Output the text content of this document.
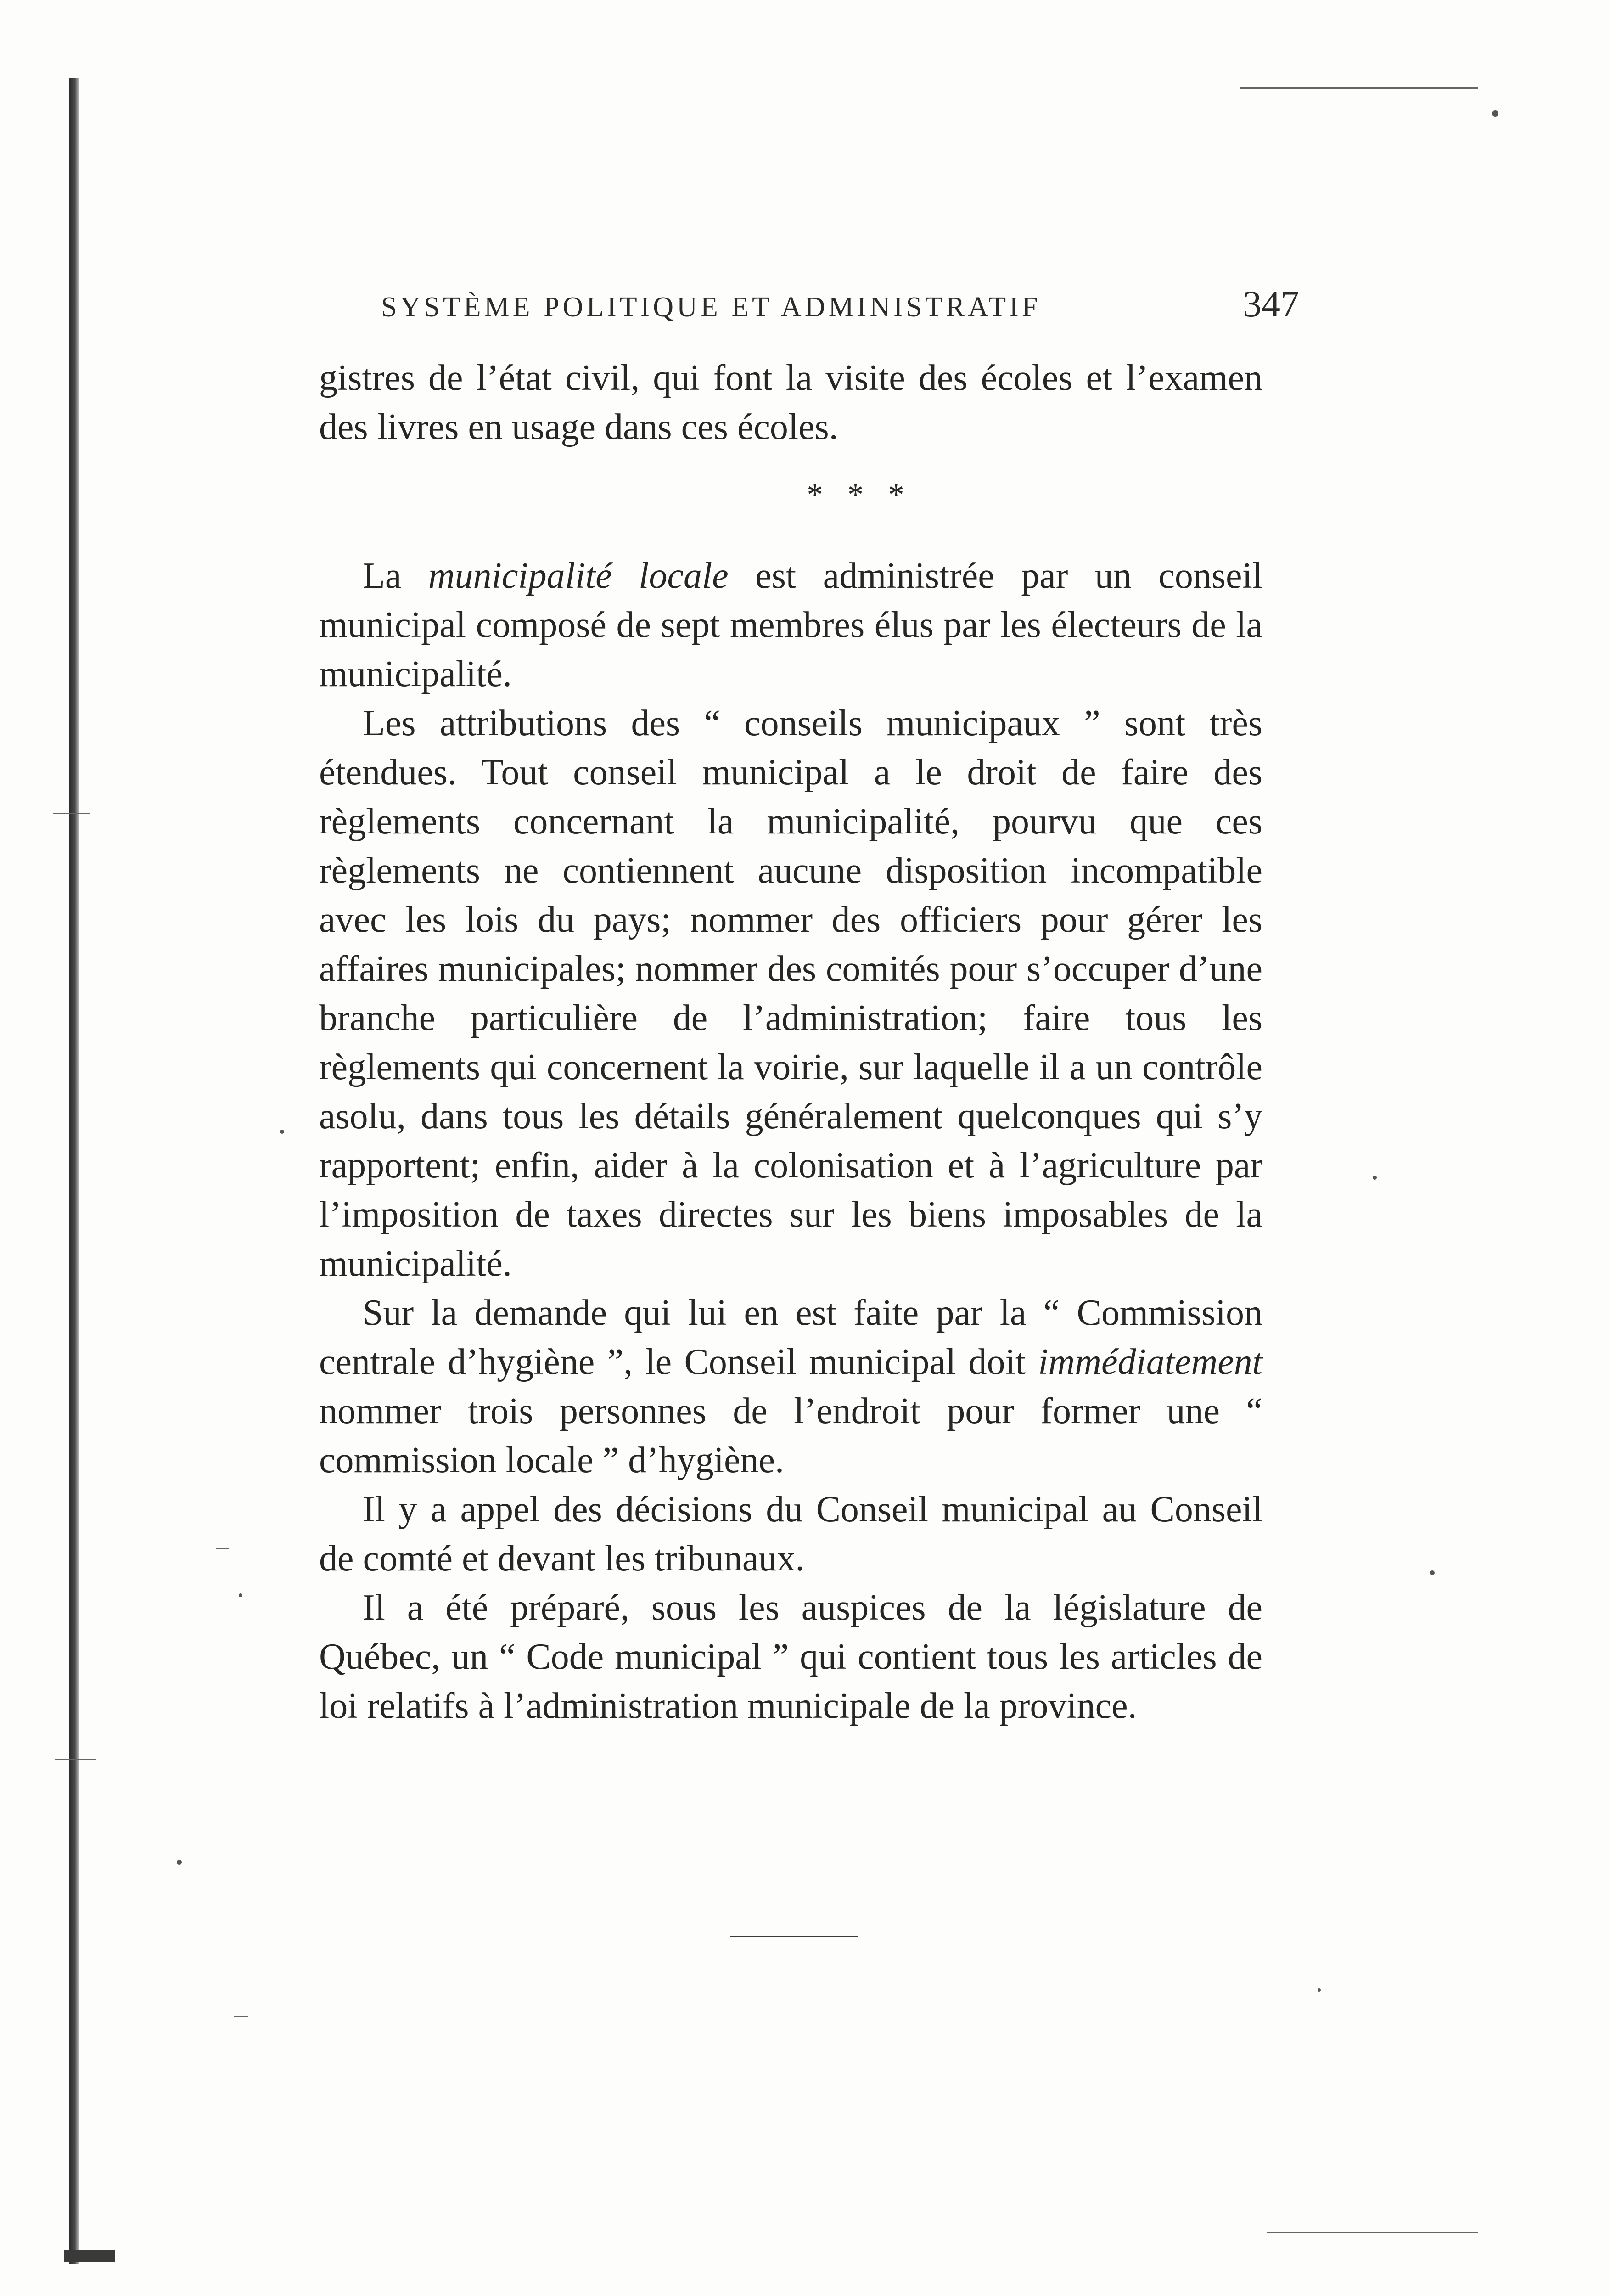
SYSTÈME POLITIQUE ET ADMINISTRATIF	347

gistres de l’état civil, qui font la visite des écoles et l’examen des livres en usage dans ces écoles.

* * *

La municipalité locale est administrée par un conseil municipal composé de sept membres élus par les électeurs de la municipalité.

Les attributions des “ conseils municipaux ” sont très étendues. Tout conseil municipal a le droit de faire des règlements concernant la municipalité, pourvu que ces règlements ne contiennent aucune disposition incompatible avec les lois du pays; nommer des officiers pour gérer les affaires municipales; nommer des comités pour s’occuper d’une branche particulière de l’administration; faire tous les règlements qui concernent la voirie, sur laquelle il a un contrôle asolu, dans tous les détails généralement quelconques qui s’y rapportent; enfin, aider à la colonisation et à l’agriculture par l’imposition de taxes directes sur les biens imposables de la municipalité.

Sur la demande qui lui en est faite par la “ Commission centrale d’hygiène ”, le Conseil municipal doit immédiatement nommer trois personnes de l’endroit pour former une “ commission locale ” d’hygiène.

Il y a appel des décisions du Conseil municipal au Conseil de comté et devant les tribunaux.

Il a été préparé, sous les auspices de la législature de Québec, un “ Code municipal ” qui contient tous les articles de loi relatifs à l’administration municipale de la province.
